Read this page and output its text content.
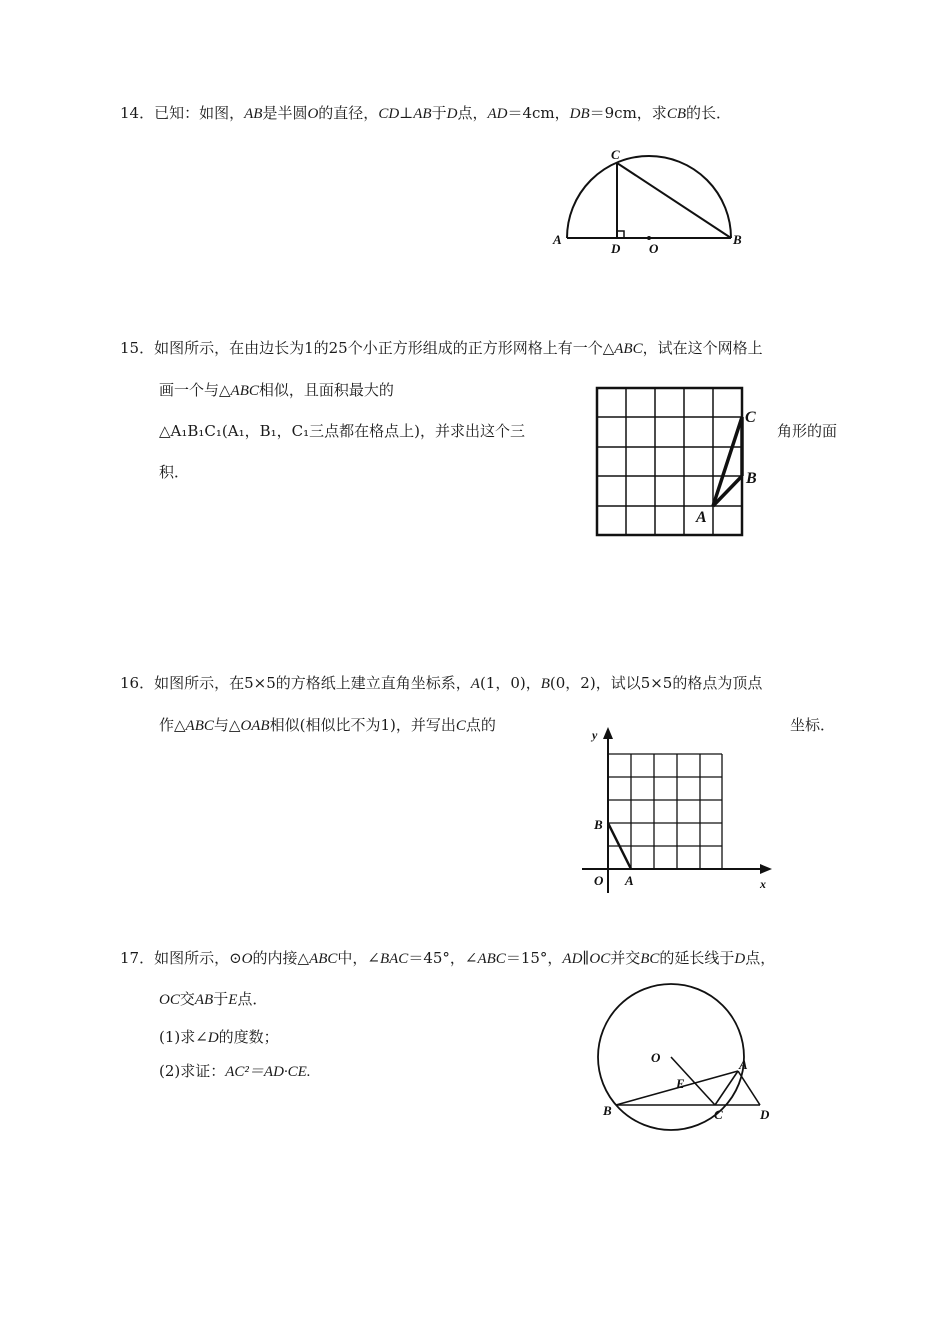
14．已知：如图，AB是半圆O的直径，CD⊥AB于D点，AD＝4cm，DB＝9cm，求CB的长．
A	B
C
D O
15．如图所示，在由边长为1的25个小正方形组成的正方形网格上有一个△ABC，试在这个网格上
画一个与△ABC相似，且面积最大的
△A₁B₁C₁(A₁，B₁，C₁三点都在格点上)，并求出这个三	角形的面
积．
A
B
C
16．如图所示，在5×5的方格纸上建立直角坐标系，A(1，0)，B(0，2)，试以5×5的格点为顶点
作△ABC与△OAB相似(相似比不为1)，并写出C点的	坐标．
y
x
O A
B
17．如图所示，⊙O的内接△ABC中，∠BAC＝45°，∠ABC＝15°，AD∥OC并交BC的延长线于D点，
OC交AB于E点．
(1)求∠D的度数；
(2)求证：AC²＝AD·CE.
O
E
A
B	C	D
